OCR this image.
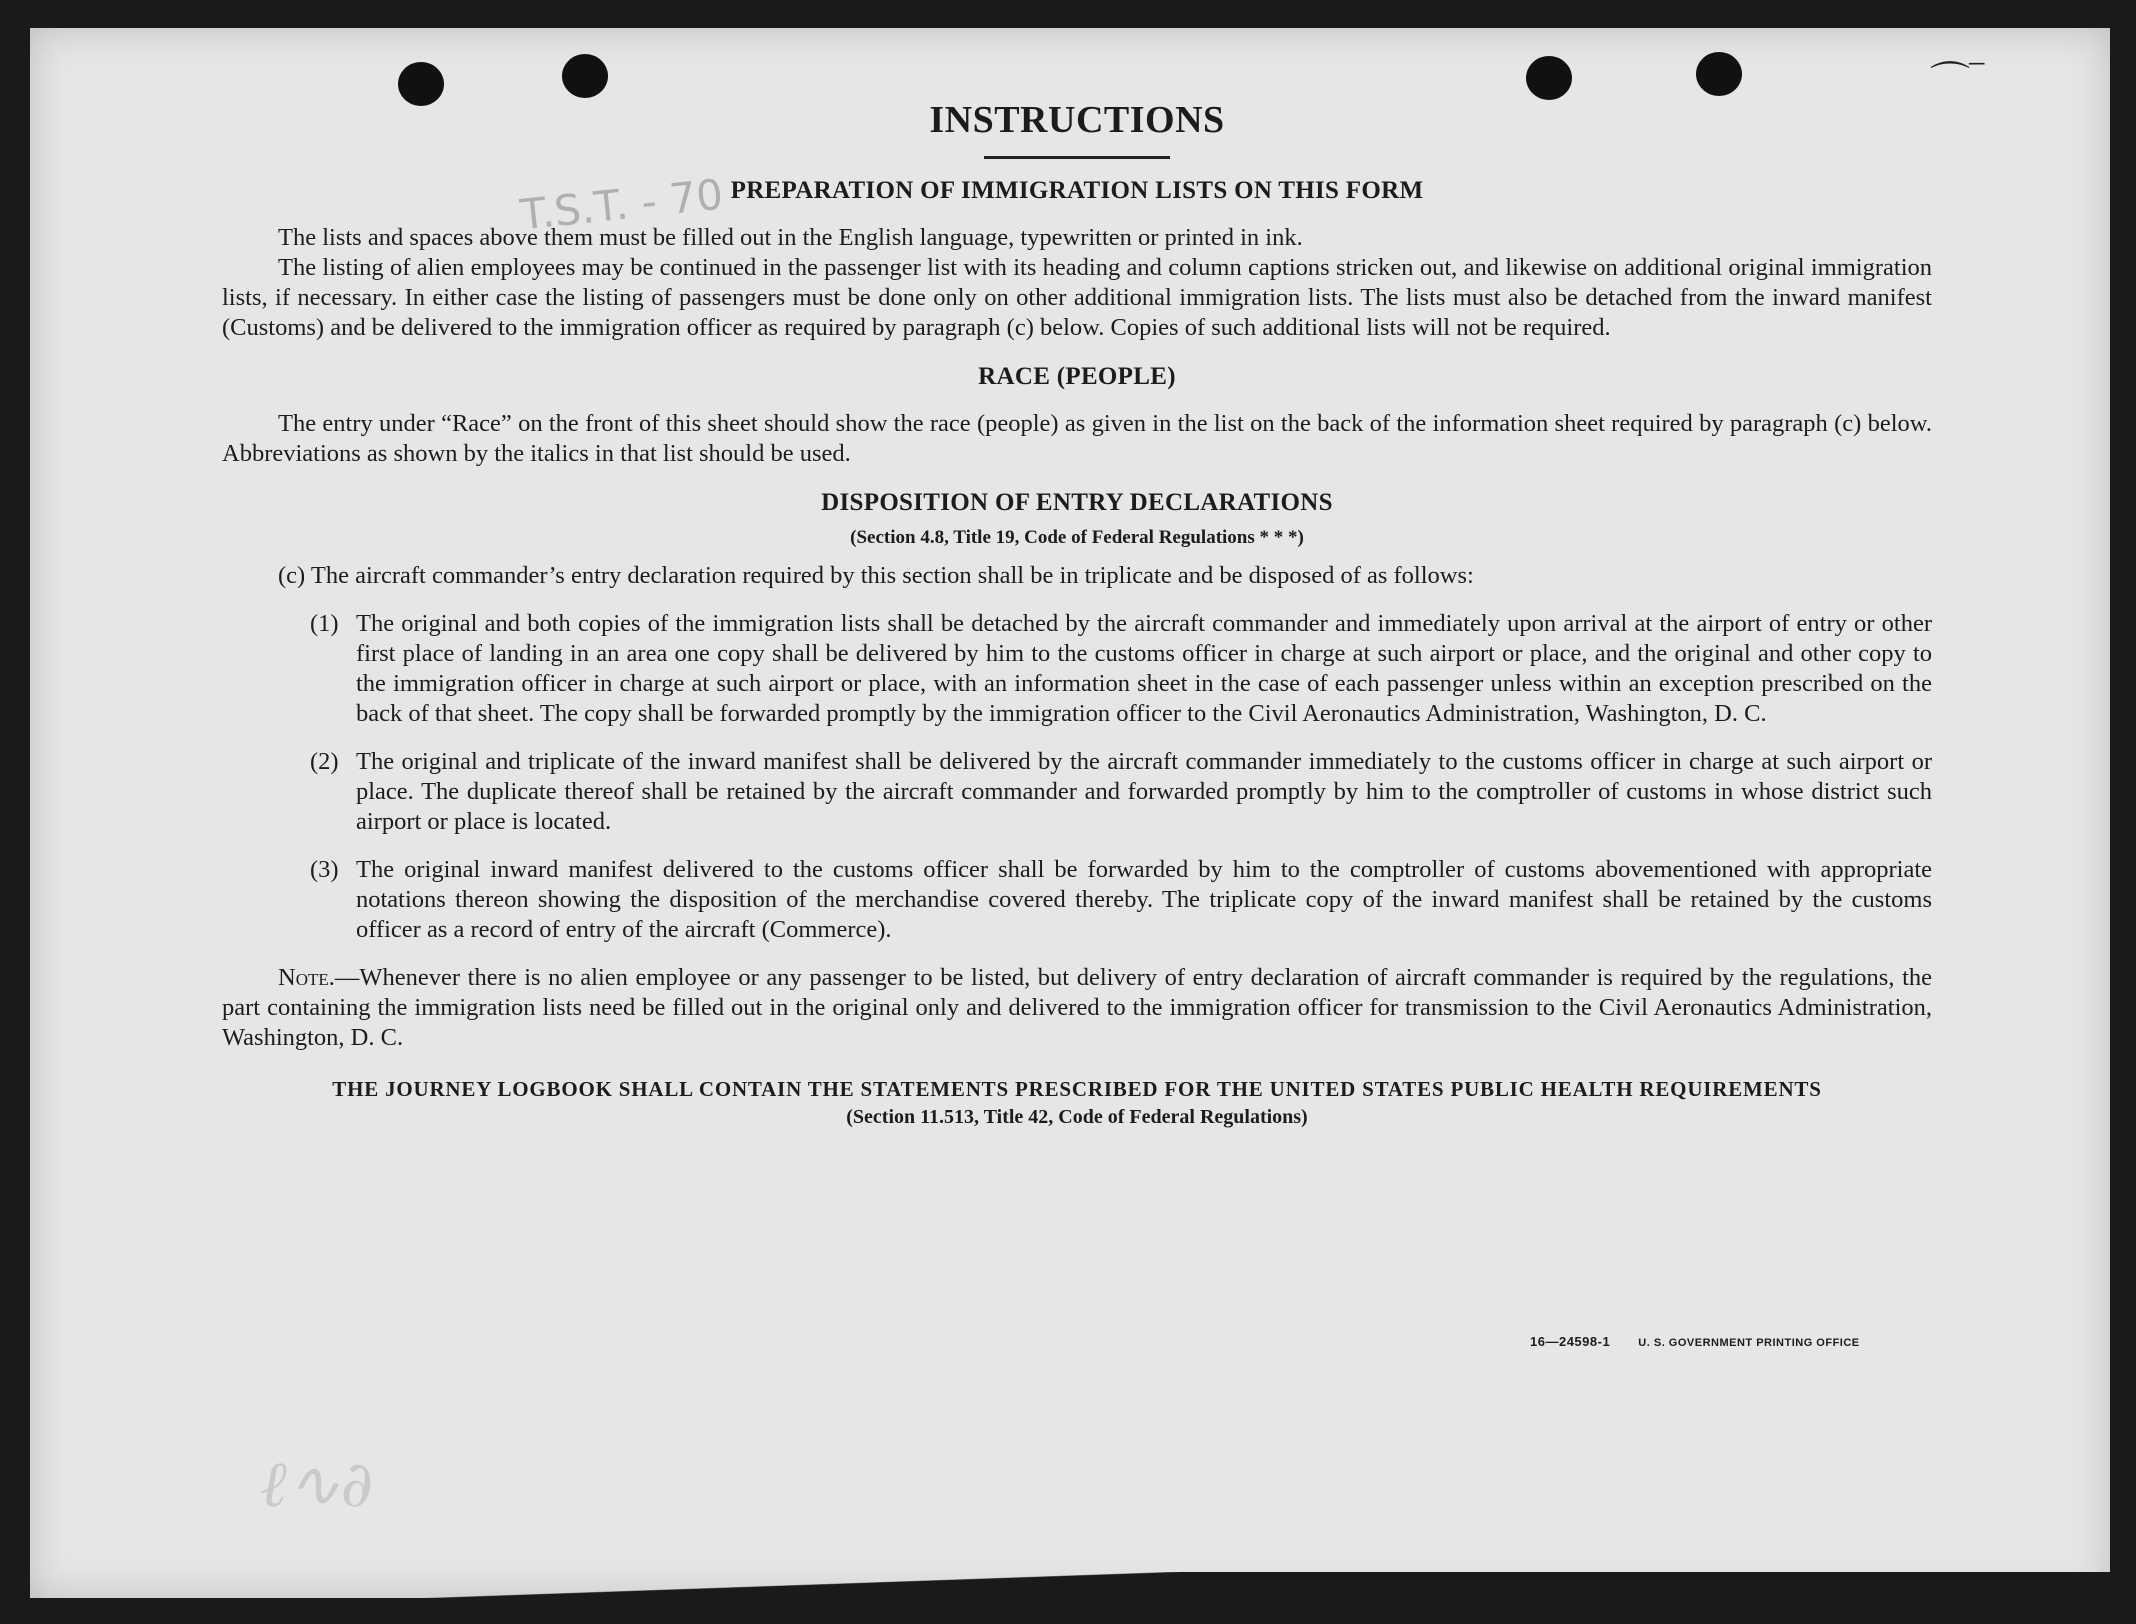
⌒‾
T.S.T. - 70
INSTRUCTIONS
PREPARATION OF IMMIGRATION LISTS ON THIS FORM

The lists and spaces above them must be filled out in the English language, typewritten or printed in ink.

The listing of alien employees may be continued in the passenger list with its heading and column captions stricken out, and likewise on additional original immigration lists, if necessary. In either case the listing of passengers must be done only on other additional immigration lists. The lists must also be detached from the inward manifest (Customs) and be delivered to the immigration officer as required by paragraph (c) below. Copies of such additional lists will not be required.

RACE (PEOPLE)

The entry under “Race” on the front of this sheet should show the race (people) as given in the list on the back of the information sheet required by paragraph (c) below. Abbreviations as shown by the italics in that list should be used.

DISPOSITION OF ENTRY DECLARATIONS
(Section 4.8, Title 19, Code of Federal Regulations * * *)

(c) The aircraft commander’s entry declaration required by this section shall be in triplicate and be disposed of as follows:

(1) The original and both copies of the immigration lists shall be detached by the aircraft commander and immediately upon arrival at the airport of entry or other first place of landing in an area one copy shall be delivered by him to the customs officer in charge at such airport or place, and the original and other copy to the immigration officer in charge at such airport or place, with an information sheet in the case of each passenger unless within an exception prescribed on the back of that sheet. The copy shall be forwarded promptly by the immigration officer to the Civil Aeronautics Administration, Washington, D. C.

(2) The original and triplicate of the inward manifest shall be delivered by the aircraft commander immediately to the customs officer in charge at such airport or place. The duplicate thereof shall be retained by the aircraft commander and forwarded promptly by him to the comptroller of customs in whose district such airport or place is located.

(3) The original inward manifest delivered to the customs officer shall be forwarded by him to the comptroller of customs abovementioned with appropriate notations thereon showing the disposition of the merchandise covered thereby. The triplicate copy of the inward manifest shall be retained by the customs officer as a record of entry of the aircraft (Commerce).

Note.—Whenever there is no alien employee or any passenger to be listed, but delivery of entry declaration of aircraft commander is required by the regulations, the part containing the immigration lists need be filled out in the original only and delivered to the immigration officer for transmission to the Civil Aeronautics Administration, Washington, D. C.

THE JOURNEY LOGBOOK SHALL CONTAIN THE STATEMENTS PRESCRIBED FOR THE UNITED STATES PUBLIC HEALTH REQUIREMENTS
(Section 11.513, Title 42, Code of Federal Regulations)
16—24598-1	U. S. GOVERNMENT PRINTING OFFICE
ℓ∿∂
